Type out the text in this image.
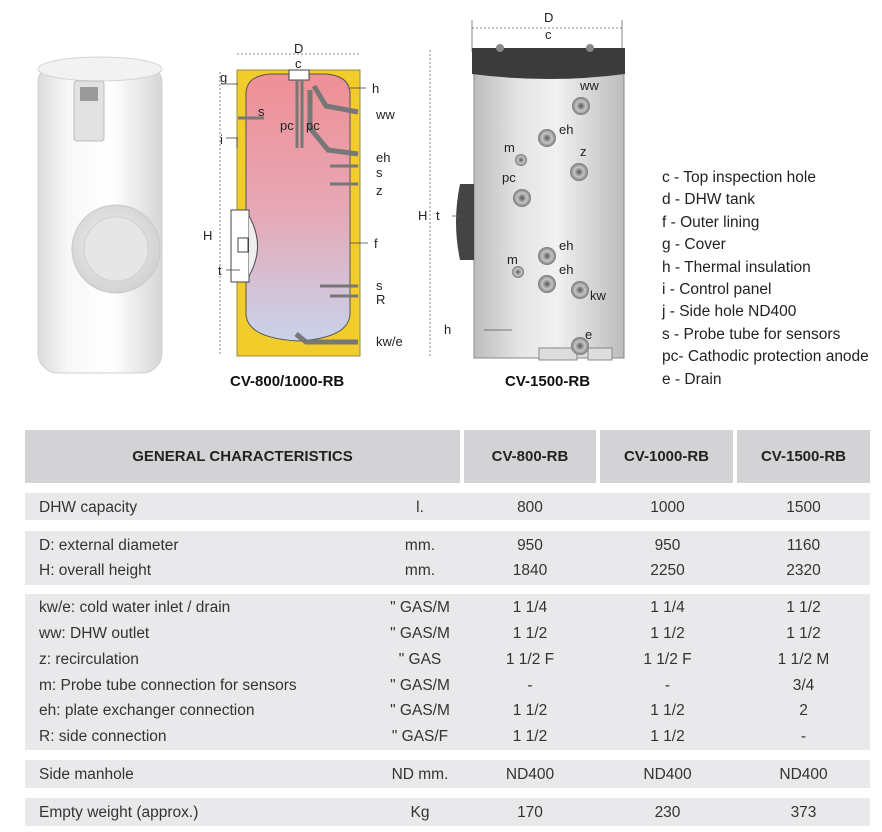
D
c
g
h
ww
s
pc pc
i
eh
s
z
H
f
t
s
R
kw/e
CV-800/1000-RB
D
c
ww
eh
m	z
pc
H t
eh
m
eh
kw
h	e
CV-1500-RB
c - Top inspection hole
d - DHW tank
f - Outer lining
g - Cover
h - Thermal insulation
i - Control panel
j - Side hole ND400
s - Probe tube for sensors
pc- Cathodic protection anode
e - Drain
GENERAL CHARACTERISTICS	CV-800-RB	CV-1000-RB	CV-1500-RB
DHW capacity	l.	800	1000	1500
D: external diameter	mm.	950	950	1160
H: overall height	mm.	1840	2250	2320
kw/e: cold water inlet / drain	" GAS/M	1 1/4	1 1/4	1 1/2
ww: DHW outlet	" GAS/M	1 1/2	1 1/2	1 1/2
z: recirculation	" GAS	1 1/2 F	1 1/2 F	1 1/2 M
m: Probe tube connection for sensors	" GAS/M	-	-	3/4
eh: plate exchanger connection	" GAS/M	1 1/2	1 1/2	2
R: side connection	" GAS/F	1 1/2	1 1/2	-
Side manhole	ND mm.	ND400	ND400	ND400
Empty weight (approx.)	Kg	170	230	373
